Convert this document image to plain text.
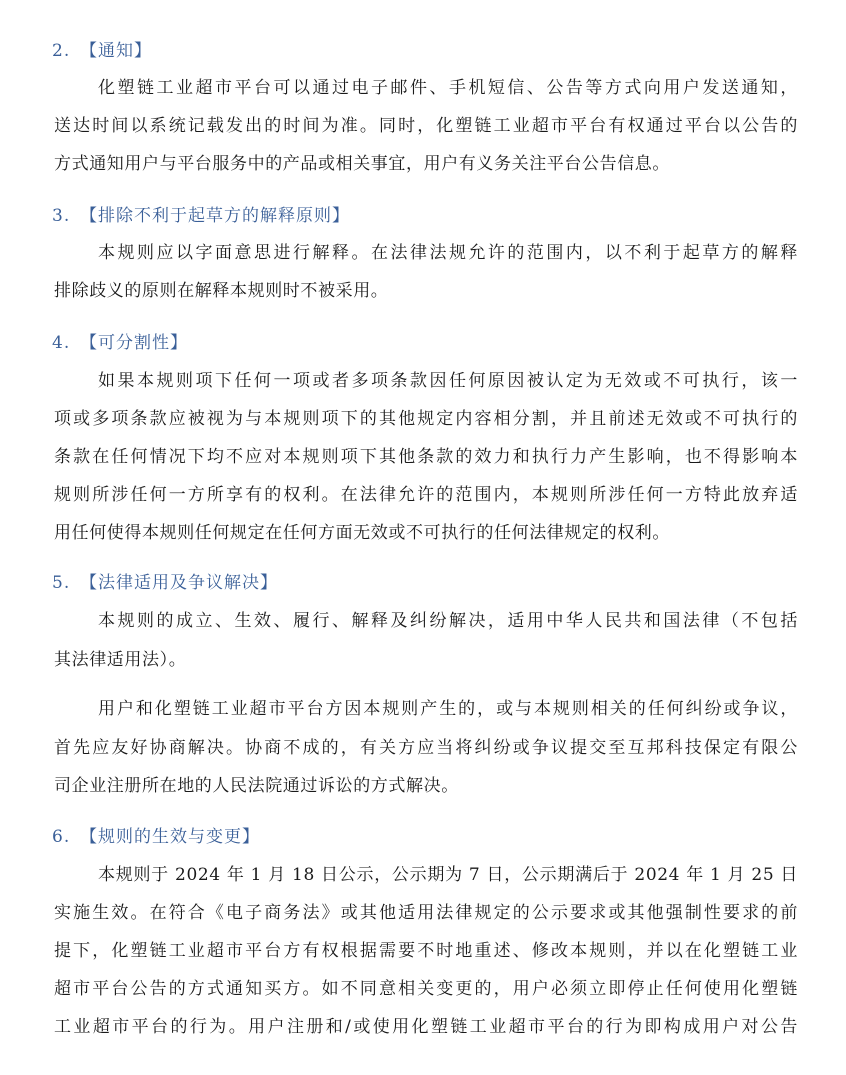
2. 【通知】
化塑链工业超市平台可以通过电子邮件、手机短信、公告等方式向用户发送通知，
送达时间以系统记载发出的时间为准。同时，化塑链工业超市平台有权通过平台以公告的
方式通知用户与平台服务中的产品或相关事宜，用户有义务关注平台公告信息。
3. 【排除不利于起草方的解释原则】
本规则应以字面意思进行解释。在法律法规允许的范围内，以不利于起草方的解释
排除歧义的原则在解释本规则时不被采用。
4. 【可分割性】
如果本规则项下任何一项或者多项条款因任何原因被认定为无效或不可执行，该一
项或多项条款应被视为与本规则项下的其他规定内容相分割，并且前述无效或不可执行的
条款在任何情况下均不应对本规则项下其他条款的效力和执行力产生影响，也不得影响本
规则所涉任何一方所享有的权利。在法律允许的范围内，本规则所涉任何一方特此放弃适
用任何使得本规则任何规定在任何方面无效或不可执行的任何法律规定的权利。
5. 【法律适用及争议解决】
本规则的成立、生效、履行、解释及纠纷解决，适用中华人民共和国法律（不包括
其法律适用法）。
用户和化塑链工业超市平台方因本规则产生的，或与本规则相关的任何纠纷或争议，
首先应友好协商解决。协商不成的，有关方应当将纠纷或争议提交至互邦科技保定有限公
司企业注册所在地的人民法院通过诉讼的方式解决。
6. 【规则的生效与变更】
本规则于 2024 年 1 月 18 日公示，公示期为 7 日，公示期满后于 2024 年 1 月 25 日
实施生效。在符合《电子商务法》或其他适用法律规定的公示要求或其他强制性要求的前
提下，化塑链工业超市平台方有权根据需要不时地重述、修改本规则，并以在化塑链工业
超市平台公告的方式通知买方。如不同意相关变更的，用户必须立即停止任何使用化塑链
工业超市平台的行为。用户注册和/或使用化塑链工业超市平台的行为即构成用户对公告
